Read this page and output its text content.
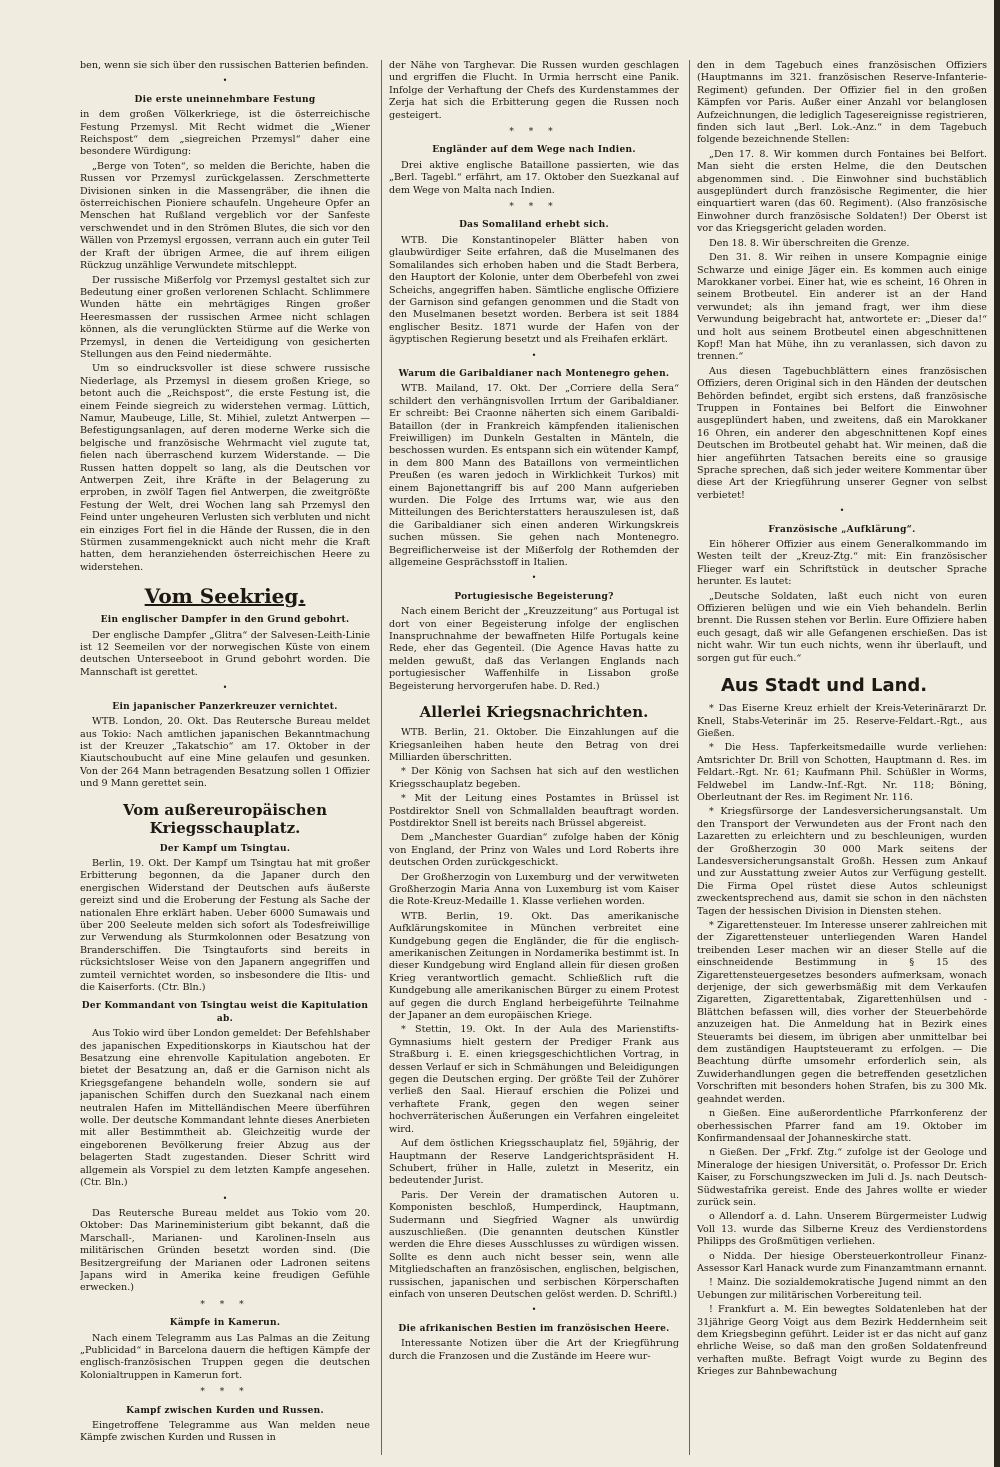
ben, wenn sie sich über den russischen Batterien befinden.

•
Die erste uneinnehmbare Festung

in dem großen Völkerkriege, ist die österreichische Festung Przemysl. Mit Recht widmet die „Wiener Reichspost“ dem „siegreichen Przemysl“ daher eine besondere Würdigung:

„Berge von Toten“, so melden die Berichte, haben die Russen vor Przemysl zurückgelassen. Zerschmetterte Divisionen sinken in die Massengräber, die ihnen die österreichischen Pioniere schaufeln. Ungeheure Opfer an Menschen hat Rußland vergeblich vor der Sanfeste verschwendet und in den Strömen Blutes, die sich vor den Wällen von Przemysl ergossen, verrann auch ein guter Teil der Kraft der übrigen Armee, die auf ihrem eiligen Rückzug unzählige Verwundete mitschleppt.

Der russische Mißerfolg vor Przemysl gestaltet sich zur Bedeutung einer großen verlorenen Schlacht. Schlimmere Wunden hätte ein mehrtägiges Ringen großer Heeresmassen der russischen Armee nicht schlagen können, als die verunglückten Stürme auf die Werke von Przemysl, in denen die Verteidigung von gesicherten Stellungen aus den Feind niedermähte.

Um so eindrucksvoller ist diese schwere russische Niederlage, als Przemysl in diesem großen Kriege, so betont auch die „Reichspost“, die erste Festung ist, die einem Feinde siegreich zu widerstehen vermag. Lüttich, Namur, Maubeuge, Lille, St. Mihiel, zuletzt Antwerpen — Befestigungsanlagen, auf deren moderne Werke sich die belgische und französische Wehrmacht viel zugute tat, fielen nach überraschend kurzem Widerstande. — Die Russen hatten doppelt so lang, als die Deutschen vor Antwerpen Zeit, ihre Kräfte in der Belagerung zu erproben, in zwölf Tagen fiel Antwerpen, die zweitgrößte Festung der Welt, drei Wochen lang sah Przemysl den Feind unter ungeheuren Verlusten sich verbluten und nicht ein einziges Fort fiel in die Hände der Russen, die in den Stürmen zusammengeknickt auch nicht mehr die Kraft hatten, dem heranziehenden österreichischen Heere zu widerstehen.

Vom Seekrieg.
Ein englischer Dampfer in den Grund gebohrt.

Der englische Dampfer „Glitra“ der Salvesen-Leith-Linie ist 12 Seemeilen vor der norwegischen Küste von einem deutschen Unterseeboot in Grund gebohrt worden. Die Mannschaft ist gerettet.

•
Ein japanischer Panzerkreuzer vernichtet.

WTB. London, 20. Okt. Das Reutersche Bureau meldet aus Tokio: Nach amtlichen japanischen Bekanntmachung ist der Kreuzer „Takatschio“ am 17. Oktober in der Kiautschoubucht auf eine Mine gelaufen und gesunken. Von der 264 Mann betragenden Besatzung sollen 1 Offizier und 9 Mann gerettet sein.

Vom außereuropäischen Kriegsschauplatz.
Der Kampf um Tsingtau.

Berlin, 19. Okt. Der Kampf um Tsingtau hat mit großer Erbitterung begonnen, da die Japaner durch den energischen Widerstand der Deutschen aufs äußerste gereizt sind und die Eroberung der Festung als Sache der nationalen Ehre erklärt haben. Ueber 6000 Sumawais und über 200 Seeleute melden sich sofort als Todesfreiwillige zur Verwendung als Sturmkolonnen oder Besatzung von Branderschiffen. Die Tsingtauforts sind bereits in rücksichtsloser Weise von den Japanern angegriffen und zumteil vernichtet worden, so insbesondere die Iltis- und die Kaiserforts. (Ctr. Bln.)

Der Kommandant von Tsingtau weist die Kapitulation ab.

Aus Tokio wird über London gemeldet: Der Befehlshaber des japanischen Expeditionskorps in Kiautschou hat der Besatzung eine ehrenvolle Kapitulation angeboten. Er bietet der Besatzung an, daß er die Garnison nicht als Kriegsgefangene behandeln wolle, sondern sie auf japanischen Schiffen durch den Suezkanal nach einem neutralen Hafen im Mittelländischen Meere überführen wolle. Der deutsche Kommandant lehnte dieses Anerbieten mit aller Bestimmtheit ab. Gleichzeitig wurde der eingeborenen Bevölkerung freier Abzug aus der belagerten Stadt zugestanden. Dieser Schritt wird allgemein als Vorspiel zu dem letzten Kampfe angesehen. (Ctr. Bln.)

•

Das Reutersche Bureau meldet aus Tokio vom 20. Oktober: Das Marineministerium gibt bekannt, daß die Marschall-, Marianen- und Karolinen-Inseln aus militärischen Gründen besetzt worden sind. (Die Besitzergreifung der Marianen oder Ladronen seitens Japans wird in Amerika keine freudigen Gefühle erwecken.)

* * *
Kämpfe in Kamerun.

Nach einem Telegramm aus Las Palmas an die Zeitung „Publicidad“ in Barcelona dauern die heftigen Kämpfe der englisch-französischen Truppen gegen die deutschen Kolonialtruppen in Kamerun fort.

* * *
Kampf zwischen Kurden und Russen.

Eingetroffene Telegramme aus Wan melden neue Kämpfe zwischen Kurden und Russen in

der Nähe von Targhevar. Die Russen wurden geschlagen und ergriffen die Flucht. In Urmia herrscht eine Panik. Infolge der Verhaftung der Chefs des Kurdenstammes der Zerja hat sich die Erbitterung gegen die Russen noch gesteigert.

* * *
Engländer auf dem Wege nach Indien.

Drei aktive englische Bataillone passierten, wie das „Berl. Tagebl.“ erfährt, am 17. Oktober den Suezkanal auf dem Wege von Malta nach Indien.

* * *
Das Somaliland erhebt sich.

WTB. Die Konstantinopeler Blätter haben von glaubwürdiger Seite erfahren, daß die Muselmanen des Somalilandes sich erhoben haben und die Stadt Berbera, den Hauptort der Kolonie, unter dem Oberbefehl von zwei Scheichs, angegriffen haben. Sämtliche englische Offiziere der Garnison sind gefangen genommen und die Stadt von den Muselmanen besetzt worden. Berbera ist seit 1884 englischer Besitz. 1871 wurde der Hafen von der ägyptischen Regierung besetzt und als Freihafen erklärt.

•
Warum die Garibaldianer nach Montenegro gehen.

WTB. Mailand, 17. Okt. Der „Corriere della Sera“ schildert den verhängnisvollen Irrtum der Garibaldianer. Er schreibt: Bei Craonne näherten sich einem Garibaldi-Bataillon (der in Frankreich kämpfenden italienischen Freiwilligen) im Dunkeln Gestalten in Mänteln, die beschossen wurden. Es entspann sich ein wütender Kampf, in dem 800 Mann des Bataillons von vermeintlichen Preußen (es waren jedoch in Wirklichkeit Turkos) mit einem Bajonettangriff bis auf 200 Mann aufgerieben wurden. Die Folge des Irrtums war, wie aus den Mitteilungen des Berichterstatters herauszulesen ist, daß die Garibaldianer sich einen anderen Wirkungskreis suchen müssen. Sie gehen nach Montenegro. Begreiflicherweise ist der Mißerfolg der Rothemden der allgemeine Gesprächsstoff in Italien.

•
Portugiesische Begeisterung?

Nach einem Bericht der „Kreuzzeitung“ aus Portugal ist dort von einer Begeisterung infolge der englischen Inanspruchnahme der bewaffneten Hilfe Portugals keine Rede, eher das Gegenteil. (Die Agence Havas hatte zu melden gewußt, daß das Verlangen Englands nach portugiesischer Waffenhilfe in Lissabon große Begeisterung hervorgerufen habe. D. Red.)

Allerlei Kriegsnachrichten.

WTB. Berlin, 21. Oktober. Die Einzahlungen auf die Kriegsanleihen haben heute den Betrag von drei Milliarden überschritten.

* Der König von Sachsen hat sich auf den westlichen Kriegsschauplatz begeben.

* Mit der Leitung eines Postamtes in Brüssel ist Postdirektor Snell von Schmallalden beauftragt worden. Postdirektor Snell ist bereits nach Brüssel abgereist.

Dem „Manchester Guardian“ zufolge haben der König von England, der Prinz von Wales und Lord Roberts ihre deutschen Orden zurückgeschickt.

Der Großherzogin von Luxemburg und der verwitweten Großherzogin Maria Anna von Luxemburg ist vom Kaiser die Rote-Kreuz-Medaille 1. Klasse verliehen worden.

WTB. Berlin, 19. Okt. Das amerikanische Aufklärungskomitee in München verbreitet eine Kundgebung gegen die Engländer, die für die englisch-amerikanischen Zeitungen in Nordamerika bestimmt ist. In dieser Kundgebung wird England allein für diesen großen Krieg verantwortlich gemacht. Schließlich ruft die Kundgebung alle amerikanischen Bürger zu einem Protest auf gegen die durch England herbeigeführte Teilnahme der Japaner an dem europäischen Kriege.

* Stettin, 19. Okt. In der Aula des Marienstifts-Gymnasiums hielt gestern der Prediger Frank aus Straßburg i. E. einen kriegsgeschichtlichen Vortrag, in dessen Verlauf er sich in Schmähungen und Beleidigungen gegen die Deutschen erging. Der größte Teil der Zuhörer verließ den Saal. Hierauf erschien die Polizei und verhaftete Frank, gegen den wegen seiner hochverräterischen Äußerungen ein Verfahren eingeleitet wird.

Auf dem östlichen Kriegsschauplatz fiel, 59jährig, der Hauptmann der Reserve Landgerichtspräsident H. Schubert, früher in Halle, zuletzt in Meseritz, ein bedeutender Jurist.

Paris. Der Verein der dramatischen Autoren u. Komponisten beschloß, Humperdinck, Hauptmann, Sudermann und Siegfried Wagner als unwürdig auszuschließen. (Die genannten deutschen Künstler werden die Ehre dieses Ausschlusses zu würdigen wissen. Sollte es denn auch nicht besser sein, wenn alle Mitgliedschaften an französischen, englischen, belgischen, russischen, japanischen und serbischen Körperschaften einfach von unseren Deutschen gelöst werden. D. Schriftl.)

•
Die afrikanischen Bestien im französischen Heere.

Interessante Notizen über die Art der Kriegführung durch die Franzosen und die Zustände im Heere wur-

den in dem Tagebuch eines französischen Offiziers (Hauptmanns im 321. französischen Reserve-Infanterie-Regiment) gefunden. Der Offizier fiel in den großen Kämpfen vor Paris. Außer einer Anzahl vor belanglosen Aufzeichnungen, die lediglich Tagesereignisse registrieren, finden sich laut „Berl. Lok.-Anz.“ in dem Tagebuch folgende bezeichnende Stellen:

„Den 17. 8. Wir kommen durch Fontaines bei Belfort. Man sieht die ersten Helme, die den Deutschen abgenommen sind. . Die Einwohner sind buchstäblich ausgeplündert durch französische Regimenter, die hier einquartiert waren (das 60. Regiment). (Also französische Einwohner durch französische Soldaten!) Der Oberst ist vor das Kriegsgericht geladen worden.

Den 18. 8. Wir überschreiten die Grenze.

Den 31. 8. Wir reihen in unsere Kompagnie einige Schwarze und einige Jäger ein. Es kommen auch einige Marokkaner vorbei. Einer hat, wie es scheint, 16 Ohren in seinem Brotbeutel. Ein anderer ist an der Hand verwundet; als ihn jemand fragt, wer ihm diese Verwundung beigebracht hat, antwortete er: „Dieser da!“ und holt aus seinem Brotbeutel einen abgeschnittenen Kopf! Man hat Mühe, ihn zu veranlassen, sich davon zu trennen.“

Aus diesen Tagebuchblättern eines französischen Offiziers, deren Original sich in den Händen der deutschen Behörden befindet, ergibt sich erstens, daß französische Truppen in Fontaines bei Belfort die Einwohner ausgeplündert haben, und zweitens, daß ein Marokkaner 16 Ohren, ein anderer den abgeschnittenen Kopf eines Deutschen im Brotbeutel gehabt hat. Wir meinen, daß die hier angeführten Tatsachen bereits eine so grausige Sprache sprechen, daß sich jeder weitere Kommentar über diese Art der Kriegführung unserer Gegner von selbst verbietet!

•
Französische „Aufklärung“.

Ein höherer Offizier aus einem Generalkommando im Westen teilt der „Kreuz-Ztg.“ mit: Ein französischer Flieger warf ein Schriftstück in deutscher Sprache herunter. Es lautet:

„Deutsche Soldaten, laßt euch nicht von euren Offizieren belügen und wie ein Vieh behandeln. Berlin brennt. Die Russen stehen vor Berlin. Eure Offiziere haben euch gesagt, daß wir alle Gefangenen erschießen. Das ist nicht wahr. Wir tun euch nichts, wenn ihr überlauft, und sorgen gut für euch.“

Aus Stadt und Land.

* Das Eiserne Kreuz erhielt der Kreis-Veterinärarzt Dr. Knell, Stabs-Veterinär im 25. Reserve-Feldart.-Rgt., aus Gießen.

* Die Hess. Tapferkeitsmedaille wurde verliehen: Amtsrichter Dr. Brill von Schotten, Hauptmann d. Res. im Feldart.-Rgt. Nr. 61; Kaufmann Phil. Schüßler in Worms, Feldwebel im Landw.-Inf.-Rgt. Nr. 118; Böning, Oberleutnant der Res. im Regiment Nr. 116.

* Kriegsfürsorge der Landesversicherungsanstalt. Um den Transport der Verwundeten aus der Front nach den Lazaretten zu erleichtern und zu beschleunigen, wurden der Großherzogin 30 000 Mark seitens der Landesversicherungsanstalt Großh. Hessen zum Ankauf und zur Ausstattung zweier Autos zur Verfügung gestellt. Die Firma Opel rüstet diese Autos schleunigst zweckentsprechend aus, damit sie schon in den nächsten Tagen der hessischen Division in Diensten stehen.

* Zigarettensteuer. Im Interesse unserer zahlreichen mit der Zigarettensteuer unterliegenden Waren Handel treibenden Leser machen wir an dieser Stelle auf die einschneidende Bestimmung in § 15 des Zigarettensteuergesetzes besonders aufmerksam, wonach derjenige, der sich gewerbsmäßig mit dem Verkaufen Zigaretten, Zigarettentabak, Zigarettenhülsen und -Blättchen befassen will, dies vorher der Steuerbehörde anzuzeigen hat. Die Anmeldung hat in Bezirk eines Steueramts bei diesem, im übrigen aber unmittelbar bei dem zuständigen Hauptsteueramt zu erfolgen. — Die Beachtung dürfte umsomehr erforderlich sein, als Zuwiderhandlungen gegen die betreffenden gesetzlichen Vorschriften mit besonders hohen Strafen, bis zu 300 Mk. geahndet werden.

n Gießen. Eine außerordentliche Pfarrkonferenz der oberhessischen Pfarrer fand am 19. Oktober im Konfirmandensaal der Johanneskirche statt.

n Gießen. Der „Frkf. Ztg.“ zufolge ist der Geologe und Mineraloge der hiesigen Universität, o. Professor Dr. Erich Kaiser, zu Forschungszwecken im Juli d. Js. nach Deutsch-Südwestafrika gereist. Ende des Jahres wollte er wieder zurück sein.

o Allendorf a. d. Lahn. Unserem Bürgermeister Ludwig Voll 13. wurde das Silberne Kreuz des Verdienstordens Philipps des Großmütigen verliehen.

o Nidda. Der hiesige Obersteuerkontrolleur Finanz-Assessor Karl Hanack wurde zum Finanzamtmann ernannt.

! Mainz. Die sozialdemokratische Jugend nimmt an den Uebungen zur militärischen Vorbereitung teil.

! Frankfurt a. M. Ein bewegtes Soldatenleben hat der 31jährige Georg Voigt aus dem Bezirk Heddernheim seit dem Kriegsbeginn geführt. Leider ist er das nicht auf ganz ehrliche Weise, so daß man den großen Soldatenfreund verhaften mußte. Befragt Voigt wurde zu Beginn des Krieges zur Bahnbewachung
